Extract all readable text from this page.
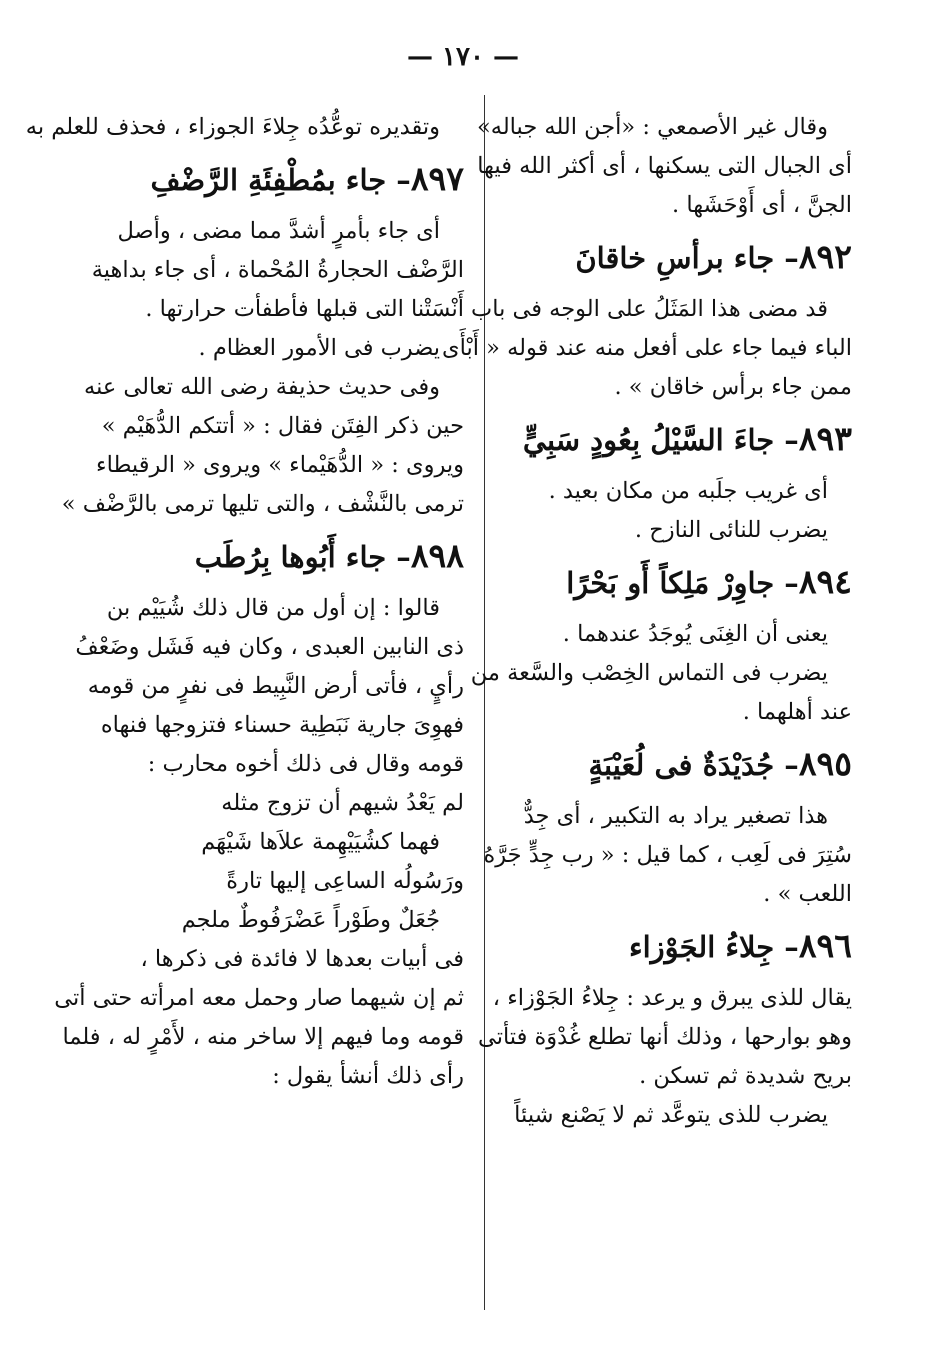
— ١٧٠ —
وقال غير الأصمعي : «أجن الله جباله»
أى الجبال التى يسكنها ، أى أكثر الله فيها
الجنَّ ، أى أَوْحَشَها .
٨٩٢– جاء برأسِ خاقانَ
قد مضى هذا المَثَلُ على الوجه فى باب
الباء فيما جاء على أفعل منه عند قوله « أَبْأَى
ممن جاء برأس خاقان » .
٨٩٣– جاءَ السَّيْلُ بِعُودٍ سَبِيٍّ
أى غريب جلَبه من مكان بعيد .
يضرب للنائى النازح .
٨٩٤– جاوِرْ مَلِكاً أَو بَحْرًا
يعنى أن الغِنَى يُوجَدُ عندهما .
يضرب فى التماس الخِصْب والسَّعة من
عند أهلهما .
٨٩٥– جُدَيْدَةٌ فى لُعَيْبَةٍ
هذا تصغير يراد به التكبير ، أى جِدٌّ
سُتِرَ فى لَعِب ، كما قيل : « رب جِدٍّ جَرَّهُ
اللعب » .
٨٩٦– جِلاءُ الجَوْزاء
يقال للذى يبرق و يرعد : جِلاءُ الجَوْزاء ،
وهو بوارحها ، وذلك أنها تطلع غُدْوَة فتأتى
بريح شديدة ثم تسكن .
يضرب للذى يتوعَّد ثم لا يَصْنع شيئاً
وتقديره توعُّدُه جِلاءَ الجوزاء ، فحذف للعلم به
٨٩٧– جاء بمُطْفِئَةِ الرَّضْفِ
أى جاء بأمرٍ أشدَّ مما مضى ، وأصل
الرَّضْف الحجارةُ المُحْماة ، أى جاء بداهية
أَنْسَتْنا التى قبلها فأطفأت حرارتها .
يضرب فى الأمور العظام .
وفى حديث حذيفة رضى الله تعالى عنه
حين ذكر الفِتَن فقال : « أتتكم الدُّهَيْم »
ويروى : « الدُّهَيْماء » ويروى « الرقيطاء
ترمى بالنَّشْف ، والتى تليها ترمى بالرَّضْف »
٨٩٨– جاء أَبُوها بِرُطَب
قالوا : إن أول من قال ذلك شُيَيْم بن
ذى النابين العبدى ، وكان فيه فَشَل وضَعْفُ
رأيٍ ، فأتى أرض النَّبِيط فى نفرٍ من قومه
فهوِىَ جارية نَبَطِية حسناء فتزوجها فنهاه
قومه وقال فى ذلك أخوه محارب :
لم يَعْدُ شيهم أن تزوج مثله
فهما كشُيَيْهِمة علاَها شَيْهَم
ورَسُولُه الساعِى إليها تارةً
جُعَلٌ وطَوْراً عَضْرَفُوطٌ ملجم
فى أبيات بعدها لا فائدة فى ذكرها ،
ثم إن شيهما صار وحمل معه امرأته حتى أتى
قومه وما فيهم إلا ساخر منه ، لأَمْرٍ له ، فلما
رأى ذلك أنشأ يقول :
